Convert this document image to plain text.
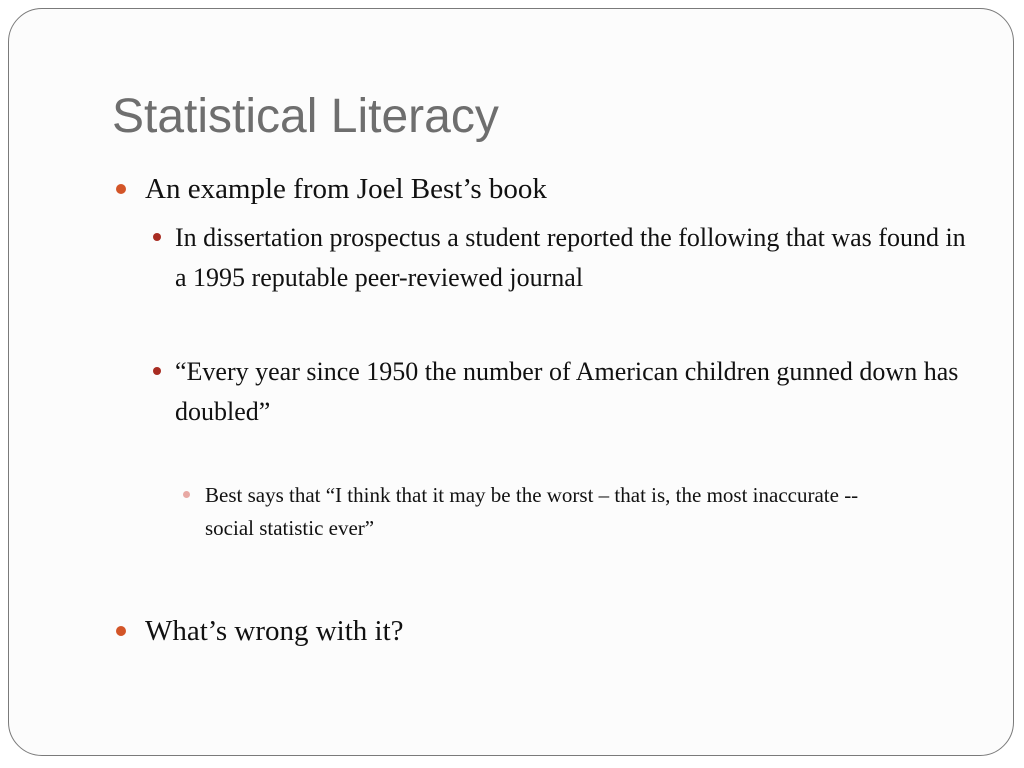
Statistical Literacy
An example from Joel Best’s book
In dissertation prospectus a student reported the following that was found in a 1995 reputable peer-reviewed journal
“Every year since 1950 the number of American children gunned down has doubled”
Best says that “I think that it may be the worst – that is, the most inaccurate -- social statistic ever”
What’s wrong with it?
